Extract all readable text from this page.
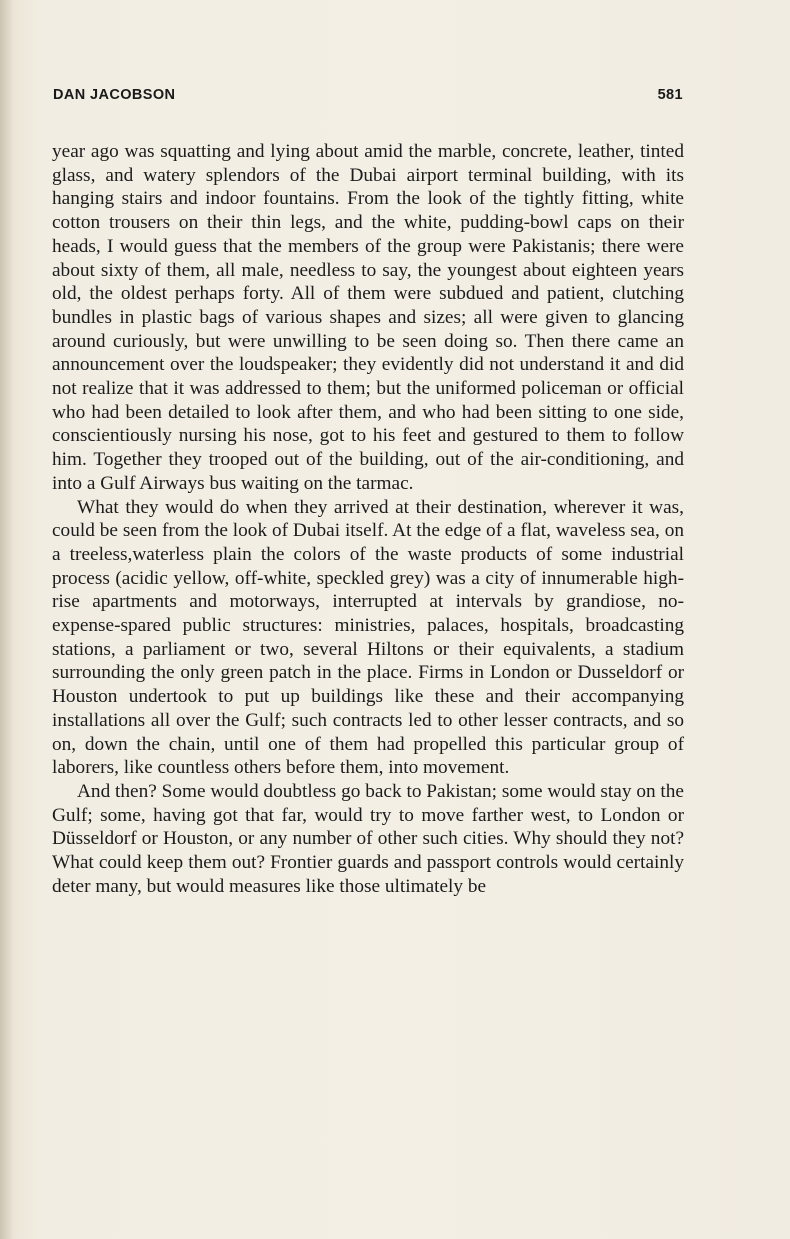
DAN JACOBSON	581

year ago was squatting and lying about amid the marble, concrete, leather, tinted glass, and watery splendors of the Dubai airport terminal building, with its hanging stairs and indoor fountains. From the look of the tightly fitting, white cotton trousers on their thin legs, and the white, pudding-bowl caps on their heads, I would guess that the members of the group were Pakistanis; there were about sixty of them, all male, needless to say, the youngest about eighteen years old, the oldest perhaps forty. All of them were subdued and patient, clutching bundles in plastic bags of various shapes and sizes; all were given to glancing around curiously, but were unwilling to be seen doing so. Then there came an announcement over the loudspeaker; they evidently did not understand it and did not realize that it was addressed to them; but the uniformed policeman or official who had been detailed to look after them, and who had been sitting to one side, conscientiously nursing his nose, got to his feet and gestured to them to follow him. Together they trooped out of the building, out of the air-conditioning, and into a Gulf Airways bus waiting on the tarmac.

What they would do when they arrived at their destination, wherever it was, could be seen from the look of Dubai itself. At the edge of a flat, waveless sea, on a treeless,waterless plain the colors of the waste products of some industrial process (acidic yellow, off-white, speckled grey) was a city of innumerable high-rise apartments and motorways, interrupted at intervals by grandiose, no-expense-spared public structures: ministries, palaces, hospitals, broadcasting stations, a parliament or two, several Hiltons or their equivalents, a stadium surrounding the only green patch in the place. Firms in London or Dusseldorf or Houston undertook to put up buildings like these and their accompanying installations all over the Gulf; such contracts led to other lesser contracts, and so on, down the chain, until one of them had propelled this particular group of laborers, like countless others before them, into movement.

And then? Some would doubtless go back to Pakistan; some would stay on the Gulf; some, having got that far, would try to move farther west, to London or Düsseldorf or Houston, or any number of other such cities. Why should they not? What could keep them out? Frontier guards and passport controls would certainly deter many, but would measures like those ultimately be
